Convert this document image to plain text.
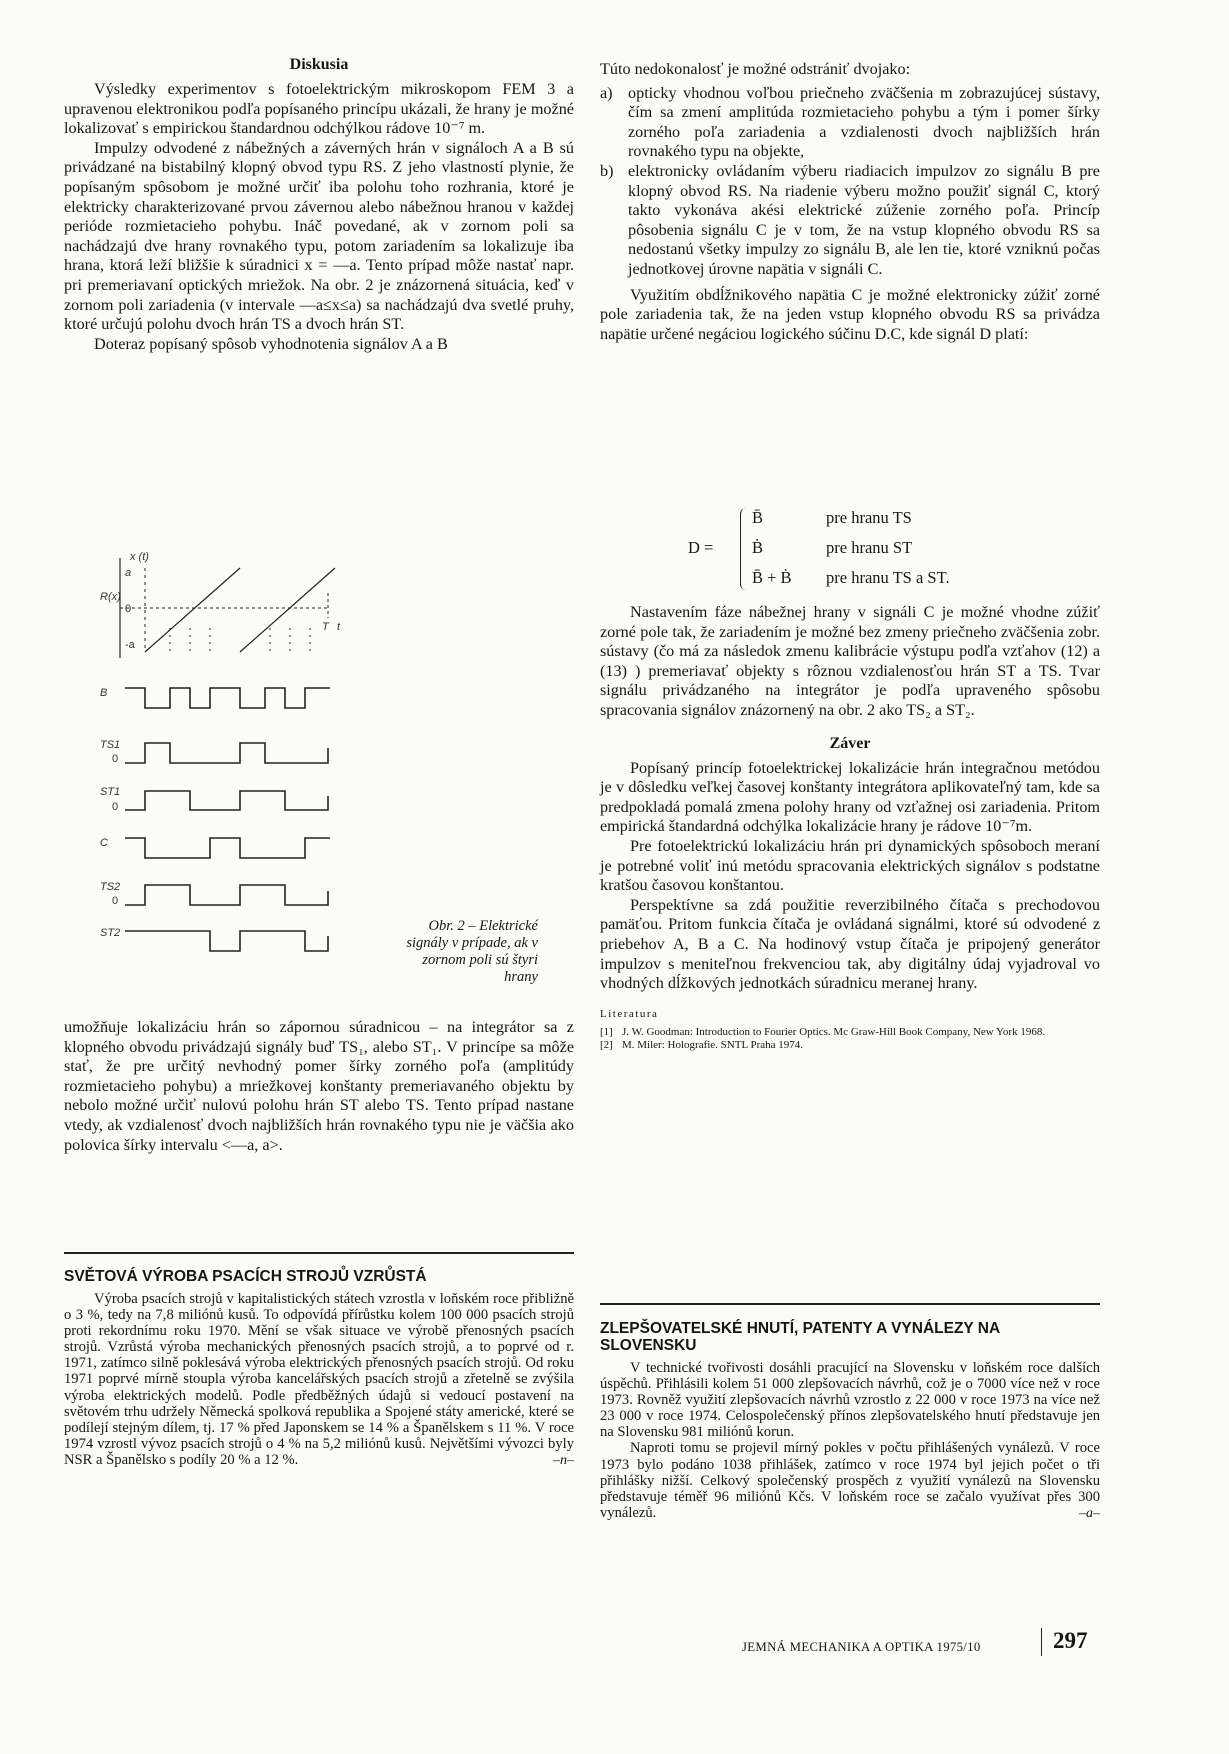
Diskusia

Výsledky experimentov s fotoelektrickým mikroskopom FEM 3 a upravenou elektronikou podľa popísaného princípu ukázali, že hrany je možné lokalizovať s empirickou štandardnou odchýlkou rádove 10⁻⁷ m.

Impulzy odvodené z nábežných a záverných hrán v signáloch A a B sú privádzané na bistabilný klopný obvod typu RS. Z jeho vlastností plynie, že popísaným spôsobom je možné určiť iba polohu toho rozhrania, ktoré je elektricky charakterizované prvou závernou alebo nábežnou hranou v každej perióde rozmietacieho pohybu. Ináč povedané, ak v zornom poli sa nachádzajú dve hrany rovnakého typu, potom zariadením sa lokalizuje iba hrana, ktorá leží bližšie k súradnici x = —a. Tento prípad môže nastať napr. pri premeriavaní optických mriežok. Na obr. 2 je znázornená situácia, keď v zornom poli zariadenia (v intervale —a≤x≤a) sa nachádzajú dva svetlé pruhy, ktoré určujú polohu dvoch hrán TS a dvoch hrán ST.

Doteraz popísaný spôsob vyhodnotenia signálov A a B

x (t)
R(x)
a
0
-a
T t
B
TS1
0
ST1
0
C
TS2
0
ST2	Obr. 2 – Elektrické signály v prípade, ak v zornom poli sú štyri hrany

umožňuje lokalizáciu hrán so zápornou súradnicou – na integrátor sa z klopného obvodu privádzajú signály buď TS₁, alebo ST₁. V princípe sa môže stať, že pre určitý nevhodný pomer šírky zorného poľa (amplitúdy rozmietacieho pohybu) a mriežkovej konštanty premeriavaného objektu by nebolo možné určiť nulovú polohu hrán ST alebo TS. Tento prípad nastane vtedy, ak vzdialenosť dvoch najbližších hrán rovnakého typu nie je väčšia ako polovica šírky intervalu <—a, a>.

Túto nedokonalosť je možné odstrániť dvojako:

a) opticky vhodnou voľbou priečneho zväčšenia m zobrazujúcej sústavy, čím sa zmení amplitúda rozmietacieho pohybu a tým i pomer šírky zorného poľa zariadenia a vzdialenosti dvoch najbližších hrán rovnakého typu na objekte,
b) elektronicky ovládaním výberu riadiacich impulzov zo signálu B pre klopný obvod RS. Na riadenie výberu možno použiť signál C, ktorý takto vykonáva akési elektrické zúženie zorného poľa. Princíp pôsobenia signálu C je v tom, že na vstup klopného obvodu RS sa nedostanú všetky impulzy zo signálu B, ale len tie, ktoré vzniknú počas jednotkovej úrovne napätia v signáli C.

Využitím obdĺžnikového napätia C je možné elektronicky zúžiť zorné pole zariadenia tak, že na jeden vstup klopného obvodu RS sa privádza napätie určené negáciou logického súčinu D.C, kde signál D platí:

D =
B̄	pre hranu TS
Ḃ	pre hranu ST
B̄ + Ḃ pre hranu TS a ST.

Nastavením fáze nábežnej hrany v signáli C je možné vhodne zúžiť zorné pole tak, že zariadením je možné bez zmeny priečneho zväčšenia zobr. sústavy (čo má za následok zmenu kalibrácie výstupu podľa vzťahov (12) a (13) ) premeriavať objekty s rôznou vzdialenosťou hrán ST a TS. Tvar signálu privádzaného na integrátor je podľa upraveného spôsobu spracovania signálov znázornený na obr. 2 ako TS₂ a ST₂.

Záver

Popísaný princíp fotoelektrickej lokalizácie hrán integračnou metódou je v dôsledku veľkej časovej konštanty integrátora aplikovateľný tam, kde sa predpokladá pomalá zmena polohy hrany od vzťažnej osi zariadenia. Pritom empirická štandardná odchýlka lokalizácie hrany je rádove 10⁻⁷m.

Pre fotoelektrickú lokalizáciu hrán pri dynamických spôsoboch meraní je potrebné voliť inú metódu spracovania elektrických signálov s podstatne kratšou časovou konštantou.

Perspektívne sa zdá použitie reverzibilného čítača s prechodovou pamäťou. Pritom funkcia čítača je ovládaná signálmi, ktoré sú odvodené z priebehov A, B a C. Na hodinový vstup čítača je pripojený generátor impulzov s meniteľnou frekvenciou tak, aby digitálny údaj vyjadroval vo vhodných dĺžkových jednotkách súradnicu meranej hrany.

Literatura
[1] J. W. Goodman: Introduction to Fourier Optics. Mc Graw-Hill Book Company, New York 1968.
[2] M. Miler: Holografie. SNTL Praha 1974.
SVĚTOVÁ VÝROBA PSACÍCH STROJŮ VZRŮSTÁ

Výroba psacích strojů v kapitalistických státech vzrostla v loňském roce přibližně o 3 %, tedy na 7,8 miliónů kusů. To odpovídá přírůstku kolem 100 000 psacích strojů proti rekordnímu roku 1970. Mění se však situace ve výrobě přenosných psacích strojů. Vzrůstá výroba mechanických přenosných psacích strojů, a to poprvé od r. 1971, zatímco silně poklesává výroba elektrických přenosných psacích strojů. Od roku 1971 poprvé mírně stoupla výroba kancelářských psacích strojů a zřetelně se zvýšila výroba elektrických modelů. Podle předběžných údajů si vedoucí postavení na světovém trhu udržely Německá spolková republika a Spojené státy americké, které se podílejí stejným dílem, tj. 17 % před Japonskem se 14 % a Španělskem s 11 %. V roce 1974 vzrostl vývoz psacích strojů o 4 % na 5,2 miliónů kusů. Největšími vývozci byly NSR a Španělsko s podíly 20 % a 12 %.	–n–
ZLEPŠOVATELSKÉ HNUTÍ, PATENTY A VYNÁLEZY NA SLOVENSKU

V technické tvořivosti dosáhli pracující na Slovensku v loňském roce dalších úspěchů. Přihlásili kolem 51 000 zlepšovacích návrhů, což je o 7000 více než v roce 1973. Rovněž využití zlepšovacích návrhů vzrostlo z 22 000 v roce 1973 na více než 23 000 v roce 1974. Celospolečenský přínos zlepšovatelského hnutí představuje jen na Slovensku 981 miliónů korun.

Naproti tomu se projevil mírný pokles v počtu přihlášených vynálezů. V roce 1973 bylo podáno 1038 přihlášek, zatímco v roce 1974 byl jejich počet o tři přihlášky nižší. Celkový společenský prospěch z využití vynálezů na Slovensku představuje téměř 96 miliónů Kčs. V loňském roce se začalo využívat přes 300 vynálezů.	–a–
JEMNÁ MECHANIKA A OPTIKA 1975/10	297
